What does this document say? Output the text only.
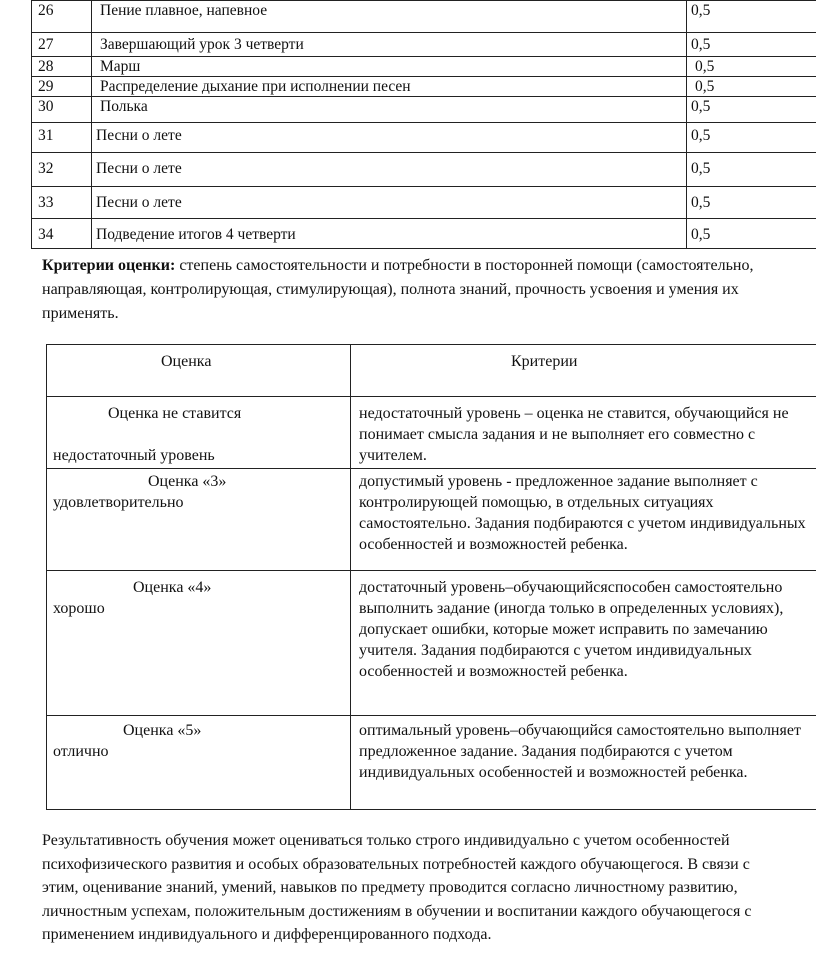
26	Пение плавное, напевное	0,5
27	Завершающий урок 3 четверти	0,5
28	Марш	0,5
29	Распределение дыхание при исполнении песен	0,5
30	Полька	0,5
31	Песни о лете	0,5
32	Песни о лете	0,5
33	Песни о лете	0,5
34	Подведение итогов 4 четверти	0,5
Критерии оценки: степень самостоятельности и потребности в посторонней помощи (самостоятельно, направляющая, контролирующая, стимулирующая), полнота знаний, прочность усвоения и умения их применять.
Оценка	Критерии

Оценка не ставится
недостаточный уровень	недостаточный уровень – оценка не ставится, обучающийся не понимает смысла задания и не выполняет его совместно с учителем.

Оценка «3»
удовлетворительно	допустимый уровень - предложенное задание выполняет с контролирующей помощью, в отдельных ситуациях самостоятельно. Задания подбираются с учетом индивидуальных особенностей и возможностей ребенка.

Оценка «4»
хорошо	достаточный уровень–обучающийсяспособен самостоятельно выполнить задание (иногда только в определенных условиях), допускает ошибки, которые может исправить по замечанию учителя. Задания подбираются с учетом индивидуальных особенностей и возможностей ребенка.

Оценка «5»
отлично	оптимальный уровень–обучающийся самостоятельно выполняет предложенное задание. Задания подбираются с учетом индивидуальных особенностей и возможностей ребенка.

Результативность обучения может оцениваться только строго индивидуально с учетом особенностей психофизического развития и особых образовательных потребностей каждого обучающегося. В связи с этим, оценивание знаний, умений, навыков по предмету проводится согласно личностному развитию, личностным успехам, положительным достижениям в обучении и воспитании каждого обучающегося с применением индивидуального и дифференцированного подхода.
